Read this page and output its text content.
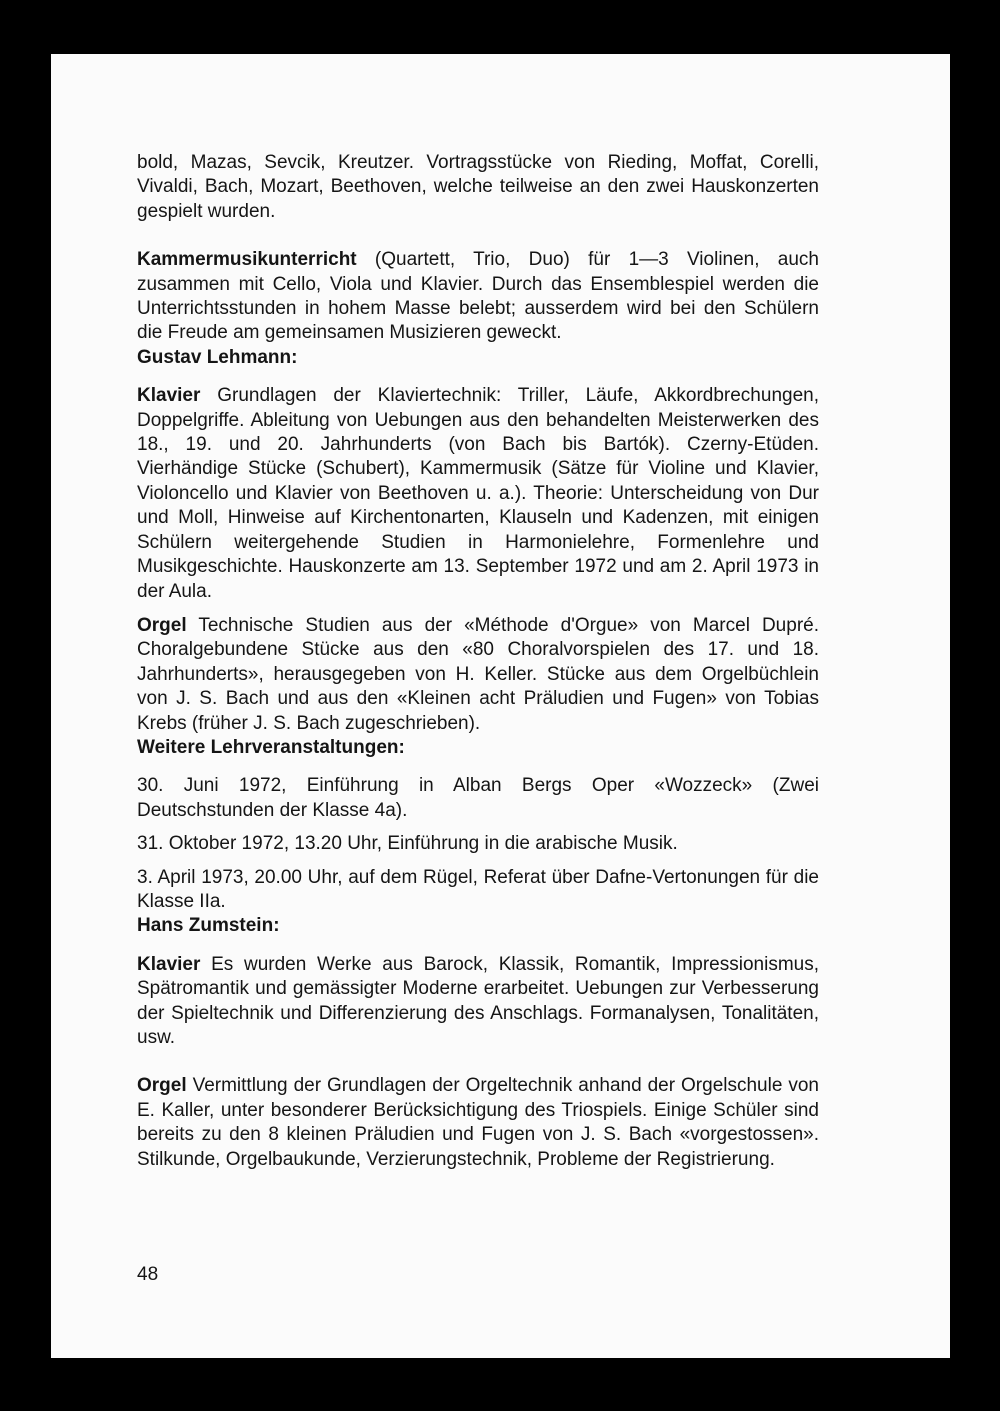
bold, Mazas, Sevcik, Kreutzer. Vortragsstücke von Rieding, Moffat, Corelli, Vivaldi, Bach, Mozart, Beethoven, welche teilweise an den zwei Hauskonzerten gespielt wurden.

Kammermusikunterricht (Quartett, Trio, Duo) für 1—3 Violinen, auch zusammen mit Cello, Viola und Klavier. Durch das Ensemblespiel werden die Unterrichtsstunden in hohem Masse belebt; ausserdem wird bei den Schülern die Freude am gemeinsamen Musizieren geweckt.

Gustav Lehmann:

Klavier Grundlagen der Klaviertechnik: Triller, Läufe, Akkordbrechungen, Doppelgriffe. Ableitung von Uebungen aus den behandelten Meisterwerken des 18., 19. und 20. Jahrhunderts (von Bach bis Bartók). Czerny-Etüden. Vierhändige Stücke (Schubert), Kammermusik (Sätze für Violine und Klavier, Violoncello und Klavier von Beethoven u. a.). Theorie: Unterscheidung von Dur und Moll, Hinweise auf Kirchentonarten, Klauseln und Kadenzen, mit einigen Schülern weitergehende Studien in Harmonielehre, Formenlehre und Musikgeschichte. Hauskonzerte am 13. September 1972 und am 2. April 1973 in der Aula.

Orgel Technische Studien aus der «Méthode d'Orgue» von Marcel Dupré. Choralgebundene Stücke aus den «80 Choralvorspielen des 17. und 18. Jahrhunderts», herausgegeben von H. Keller. Stücke aus dem Orgelbüchlein von J. S. Bach und aus den «Kleinen acht Präludien und Fugen» von Tobias Krebs (früher J. S. Bach zugeschrieben).

Weitere Lehrveranstaltungen:

30. Juni 1972, Einführung in Alban Bergs Oper «Wozzeck» (Zwei Deutschstunden der Klasse 4a).

31. Oktober 1972, 13.20 Uhr, Einführung in die arabische Musik.

3. April 1973, 20.00 Uhr, auf dem Rügel, Referat über Dafne-Vertonungen für die Klasse IIa.

Hans Zumstein:

Klavier Es wurden Werke aus Barock, Klassik, Romantik, Impressionismus, Spätromantik und gemässigter Moderne erarbeitet. Uebungen zur Verbesserung der Spieltechnik und Differenzierung des Anschlags. Formanalysen, Tonalitäten, usw.

Orgel Vermittlung der Grundlagen der Orgeltechnik anhand der Orgelschule von E. Kaller, unter besonderer Berücksichtigung des Triospiels. Einige Schüler sind bereits zu den 8 kleinen Präludien und Fugen von J. S. Bach «vorgestossen». Stilkunde, Orgelbaukunde, Verzierungstechnik, Probleme der Registrierung.

48
